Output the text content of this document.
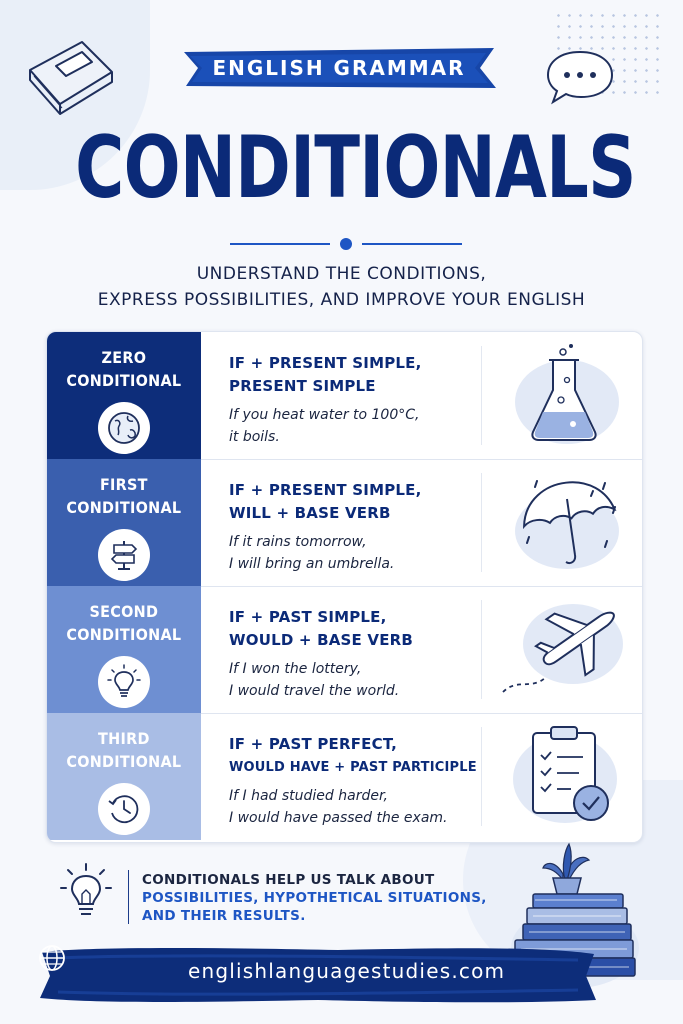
ENGLISH GRAMMAR
CONDITIONALS
UNDERSTAND THE CONDITIONS,
EXPRESS POSSIBILITIES, AND IMPROVE YOUR ENGLISH
ZERO
CONDITIONAL
IF + PRESENT SIMPLE,
PRESENT SIMPLE
If you heat water to 100°C,
it boils.
FIRST
CONDITIONAL
IF + PRESENT SIMPLE,
WILL + BASE VERB
If it rains tomorrow,
I will bring an umbrella.
SECOND
CONDITIONAL
IF + PAST SIMPLE,
WOULD + BASE VERB
If I won the lottery,
I would travel the world.
THIRD
CONDITIONAL
IF + PAST PERFECT,
WOULD HAVE + PAST PARTICIPLE
If I had studied harder,
I would have passed the exam.
CONDITIONALS HELP US TALK ABOUT
POSSIBILITIES, HYPOTHETICAL SITUATIONS,
AND THEIR RESULTS.
englishlanguagestudies.com
